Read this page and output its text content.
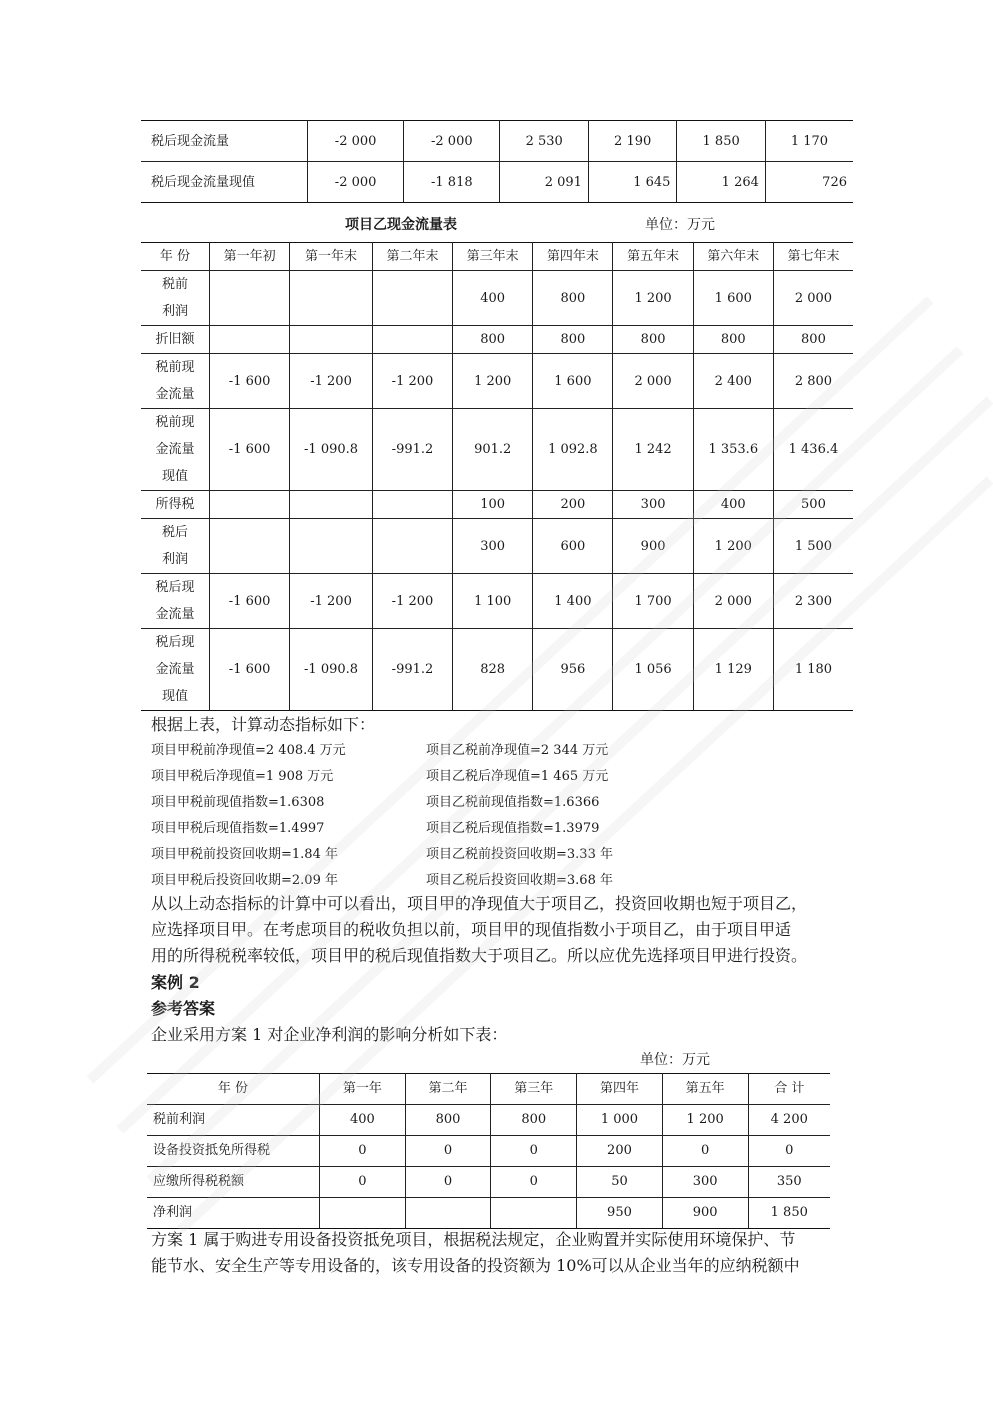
税后现金流量	-2 000	-2 000	2 530	2 190	1 850	1 170
税后现金流量现值	-2 000	-1 818	2 091	1 645	1 264	726
项目乙现金流量表	单位：万元
年 份	第一年初	第一年末	第二年末	第三年末	第四年末	第五年末	第六年末	第七年末

税前
利润				400	800	1 200	1 600	2 000
折旧额				800	800	800	800	800

税前现
金流量	-1 600	-1 200	-1 200	1 200	1 600	2 000	2 400	2 800

税前现
金流量
现值	-1 600	-1 090.8	-991.2	901.2	1 092.8	1 242	1 353.6	1 436.4
所得税				100	200	300	400	500

税后
利润				300	600	900	1 200	1 500

税后现
金流量	-1 600	-1 200	-1 200	1 100	1 400	1 700	2 000	2 300

税后现
金流量
现值	-1 600	-1 090.8	-991.2	828	956	1 056	1 129	1 180
根据上表，计算动态指标如下：
项目甲税前净现值=2 408.4 万元	项目乙税前净现值=2 344 万元
项目甲税后净现值=1 908 万元	项目乙税后净现值=1 465 万元
项目甲税前现值指数=1.6308	项目乙税前现值指数=1.6366
项目甲税后现值指数=1.4997	项目乙税后现值指数=1.3979
项目甲税前投资回收期=1.84 年	项目乙税前投资回收期=3.33 年
项目甲税后投资回收期=2.09 年	项目乙税后投资回收期=3.68 年
从以上动态指标的计算中可以看出，项目甲的净现值大于项目乙，投资回收期也短于项目乙，
应选择项目甲。在考虑项目的税收负担以前，项目甲的现值指数小于项目乙，由于项目甲适
用的所得税税率较低，项目甲的税后现值指数大于项目乙。所以应优先选择项目甲进行投资。
案例 2
参考答案
企业采用方案 1 对企业净利润的影响分析如下表：
单位：万元
年 份	第一年	第二年	第三年	第四年	第五年	合 计
税前利润	400	800	800	1 000	1 200	4 200
设备投资抵免所得税	0	0	0	200	0	0
应缴所得税税额	0	0	0	50	300	350
净利润				950	900	1 850
方案 1 属于购进专用设备投资抵免项目，根据税法规定，企业购置并实际使用环境保护、节
能节水、安全生产等专用设备的，该专用设备的投资额为 10%可以从企业当年的应纳税额中
